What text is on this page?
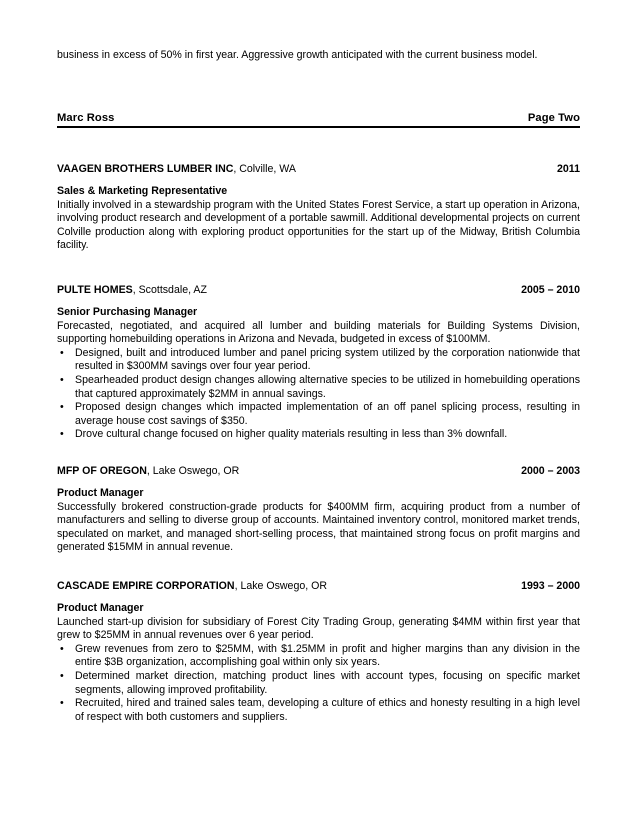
business in excess of 50% in first year. Aggressive growth anticipated with the current business model.
Marc Ross	Page Two
VAAGEN BROTHERS LUMBER INC, Colville, WA	2011
Sales & Marketing Representative
Initially involved in a stewardship program with the United States Forest Service, a start up operation in Arizona, involving product research and development of a portable sawmill. Additional developmental projects on current Colville production along with exploring product opportunities for the start up of the Midway, British Columbia facility.
PULTE HOMES, Scottsdale, AZ	2005 – 2010
Senior Purchasing Manager
Forecasted, negotiated, and acquired all lumber and building materials for Building Systems Division, supporting homebuilding operations in Arizona and Nevada, budgeted in excess of $100MM.
• Designed, built and introduced lumber and panel pricing system utilized by the corporation nationwide that resulted in $300MM savings over four year period.
• Spearheaded product design changes allowing alternative species to be utilized in homebuilding operations that captured approximately $2MM in annual savings.
• Proposed design changes which impacted implementation of an off panel splicing process, resulting in average house cost savings of $350.
• Drove cultural change focused on higher quality materials resulting in less than 3% downfall.
MFP OF OREGON, Lake Oswego, OR	2000 – 2003
Product Manager
Successfully brokered construction-grade products for $400MM firm, acquiring product from a number of manufacturers and selling to diverse group of accounts. Maintained inventory control, monitored market trends, speculated on market, and managed short-selling process, that maintained strong focus on profit margins and generated $15MM in annual revenue.
CASCADE EMPIRE CORPORATION, Lake Oswego, OR	1993 – 2000
Product Manager
Launched start-up division for subsidiary of Forest City Trading Group, generating $4MM within first year that grew to $25MM in annual revenues over 6 year period.
• Grew revenues from zero to $25MM, with $1.25MM in profit and higher margins than any division in the entire $3B organization, accomplishing goal within only six years.
• Determined market direction, matching product lines with account types, focusing on specific market segments, allowing improved profitability.
• Recruited, hired and trained sales team, developing a culture of ethics and honesty resulting in a high level of respect with both customers and suppliers.
